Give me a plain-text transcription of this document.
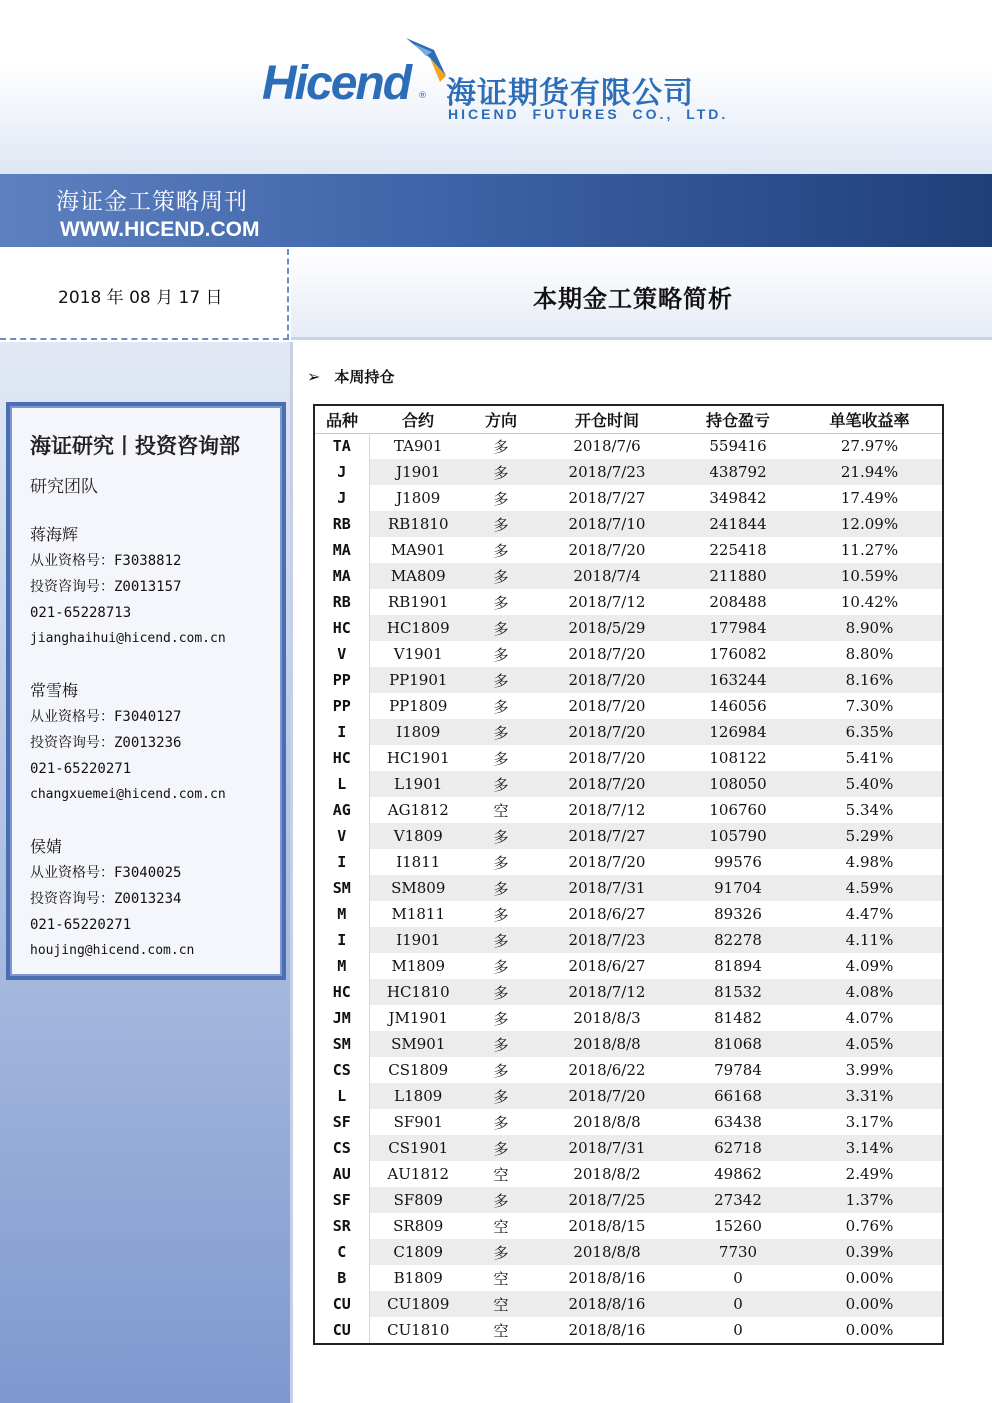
Hicend ® 海证期货有限公司
HICEND FUTURES CO., LTD.
海证金工策略周刊
WWW.HICEND.COM
2018 年 08 月 17 日	本期金工策略简析
海证研究丨投资咨询部
研究团队
蒋海辉
从业资格号：F3038812
投资咨询号：Z0013157
021-65228713
jianghaihui@hicend.com.cn
常雪梅
从业资格号：F3040127
投资咨询号：Z0013236
021-65220271
changxuemei@hicend.com.cn
侯婧
从业资格号：F3040025
投资咨询号：Z0013234
021-65220271
houjing@hicend.com.cn
➢ 本周持仓
品种	合约	方向	开仓时间	持仓盈亏	单笔收益率
TA	TA901	多	2018/7/6	559416	27.97%
J	J1901	多	2018/7/23	438792	21.94%
J	J1809	多	2018/7/27	349842	17.49%
RB	RB1810	多	2018/7/10	241844	12.09%
MA	MA901	多	2018/7/20	225418	11.27%
MA	MA809	多	2018/7/4	211880	10.59%
RB	RB1901	多	2018/7/12	208488	10.42%
HC	HC1809	多	2018/5/29	177984	8.90%
V	V1901	多	2018/7/20	176082	8.80%
PP	PP1901	多	2018/7/20	163244	8.16%
PP	PP1809	多	2018/7/20	146056	7.30%
I	I1809	多	2018/7/20	126984	6.35%
HC	HC1901	多	2018/7/20	108122	5.41%
L	L1901	多	2018/7/20	108050	5.40%
AG	AG1812	空	2018/7/12	106760	5.34%
V	V1809	多	2018/7/27	105790	5.29%
I	I1811	多	2018/7/20	99576	4.98%
SM	SM809	多	2018/7/31	91704	4.59%
M	M1811	多	2018/6/27	89326	4.47%
I	I1901	多	2018/7/23	82278	4.11%
M	M1809	多	2018/6/27	81894	4.09%
HC	HC1810	多	2018/7/12	81532	4.08%
JM	JM1901	多	2018/8/3	81482	4.07%
SM	SM901	多	2018/8/8	81068	4.05%
CS	CS1809	多	2018/6/22	79784	3.99%
L	L1809	多	2018/7/20	66168	3.31%
SF	SF901	多	2018/8/8	63438	3.17%
CS	CS1901	多	2018/7/31	62718	3.14%
AU	AU1812	空	2018/8/2	49862	2.49%
SF	SF809	多	2018/7/25	27342	1.37%
SR	SR809	空	2018/8/15	15260	0.76%
C	C1809	多	2018/8/8	7730	0.39%
B	B1809	空	2018/8/16	0	0.00%
CU	CU1809	空	2018/8/16	0	0.00%
CU	CU1810	空	2018/8/16	0	0.00%
